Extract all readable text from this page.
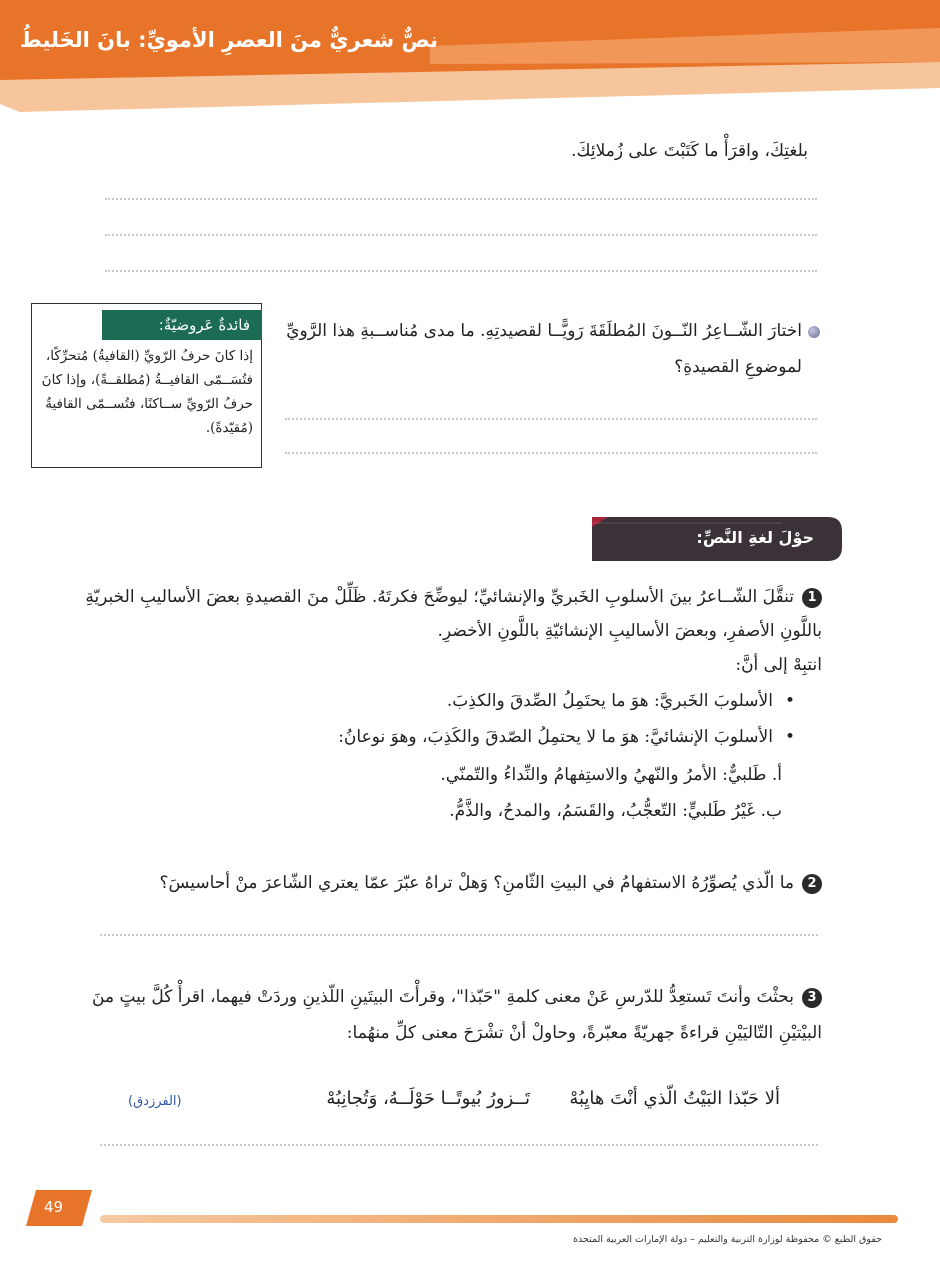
نصٌّ شعريٌّ منَ العصرِ الأمويِّ: بانَ الخَليطُ
بلغتِكَ، واقرَأْ ما كَتَبْتَ على زُملائِكَ.
اختارَ الشّــاعِرُ النّــونَ المُطلَقَةَ رَويًّــا لقصيدتِهِ. ما مدى مُناســبةِ هذا الرَّويِّ
لموضوعِ القصيدةِ؟
فائدةٌ عَروضيّةٌ:
إذا كانَ حرفُ الرّويِّ (القافيةُ) مُتحرِّكًا،
فتُسَــمّى القافيــةُ (مُطلقــةً)، وإذا كانَ
حرفُ الرّويِّ ســاكنًا، فتُســمّى القافيةُ
(مُقيّدةً).
حوْلَ لغةِ النَّصِّ:
1تنقَّلَ الشّــاعرُ بينَ الأسلوبِ الخَبريِّ والإنشائيِّ؛ ليوضِّحَ فكرتَهُ. ظَلِّلْ منَ القصيدةِ بعضَ الأساليبِ الخبريّةِ
باللَّونِ الأصفرِ، وبعضَ الأساليبِ الإنشائيّةِ باللَّونِ الأخضرِ.
انتبِهْ إلى أنَّ:
•الأسلوبَ الخَبريَّ: هوَ ما يحتَمِلُ الصِّدقَ والكذِبَ.
•الأسلوبَ الإنشائيَّ: هوَ ما لا يحتمِلُ الصّدقَ والكَذِبَ، وهوَ نوعانُ:
أ. طَلبيٌّ: الأمرُ والنّهيُ والاستِفهامُ والنِّداءُ والتّمنّي.
ب. غَيْرُ طَلبيٍّ: التّعجُّبُ، والقَسَمُ، والمدحُ، والذَّمُّ.
2ما الّذي يُصوِّرُهُ الاستفهامُ في البيتِ الثّامنِ؟ وَهلْ تراهُ عبّرَ عمّا يعتري الشّاعرَ منْ أحاسيسَ؟
3بحثْتَ وأنتَ تَستعِدُّ للدّرسِ عَنْ معنى كلمةِ "حَبّذا"، وقرأْتَ البيتَينِ اللّذينِ وردَتْ فيهما، اقرأْ كُلَّ بيتٍ منَ
البيْتيْنِ التّاليَيْنِ قراءةً جهريّةً معبّرةً، وحاولْ أنْ تشْرَحَ معنى كلِّ منهُما:
ألا حَبّذا البَيْتُ الّذي أنْتَ هايِبُهْ
تَــزورُ بُيوتًــا حَوْلَــهُ، وَتُجانِبُهْ
(الفرزدق)
49
حقوق الطبع © محفوظة لوزارة التربية والتعليم – دولة الإمارات العربية المتحدة
